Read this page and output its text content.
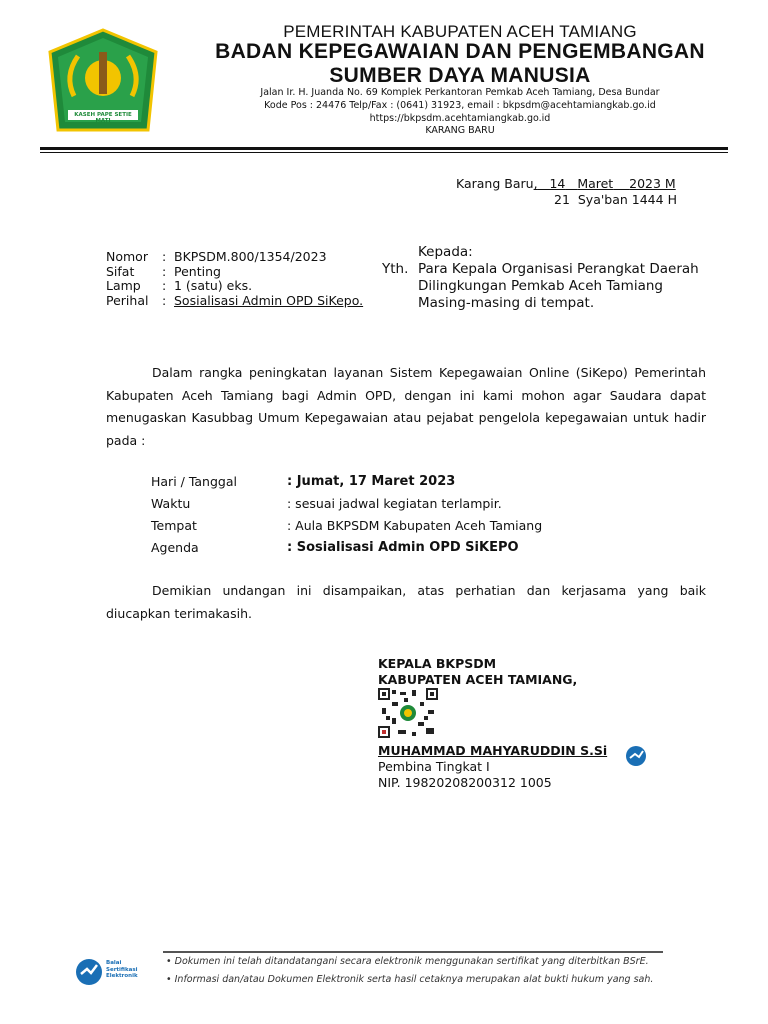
KASEH PAPE SETIE MATI
PEMERINTAH KABUPATEN ACEH TAMIANG
BADAN KEPEGAWAIAN DAN PENGEMBANGAN
SUMBER DAYA MANUSIA
Jalan Ir. H. Juanda No. 69 Komplek Perkantoran Pemkab Aceh Tamiang, Desa Bundar
Kode Pos : 24476 Telp/Fax : (0641) 31923, email : bkpsdm@acehtamiangkab.go.id
https://bkpsdm.acehtamiangkab.go.id
KARANG BARU
Karang Baru , 14 Maret 2023 M
21
Sya'ban 1444 H
Nomor	: BKPSDM.800/1354/2023
Sifat	: Penting
Lamp	: 1 (satu) eks.
Perihal	: Sosialisasi Admin OPD SiKepo.
Kepada:
Yth. Para Kepala Organisasi Perangkat Daerah
Dilingkungan Pemkab Aceh Tamiang
Masing-masing di tempat.
Dalam rangka peningkatan layanan Sistem Kepegawaian Online (SiKepo) Pemerintah Kabupaten Aceh Tamiang bagi Admin OPD, dengan ini kami mohon agar Saudara dapat menugaskan Kasubbag Umum Kepegawaian atau pejabat pengelola kepegawaian untuk hadir pada :
Hari / Tanggal	: Jumat, 17 Maret 2023
Waktu	: sesuai jadwal kegiatan terlampir.
Tempat	: Aula BKPSDM Kabupaten Aceh Tamiang
Agenda	: Sosialisasi Admin OPD SiKEPO
Demikian undangan ini disampaikan, atas perhatian dan kerjasama yang baik diucapkan terimakasih.
KEPALA BKPSDM
KABUPATEN ACEH TAMIANG,
MUHAMMAD MAHYARUDDIN S.Si
Pembina Tingkat I
NIP. 19820208200312 1005
Balai Sertifikasi Elektronik
• Dokumen ini telah ditandatangani secara elektronik menggunakan sertifikat yang diterbitkan BSrE.
• Informasi dan/atau Dokumen Elektronik serta hasil cetaknya merupakan alat bukti hukum yang sah.
